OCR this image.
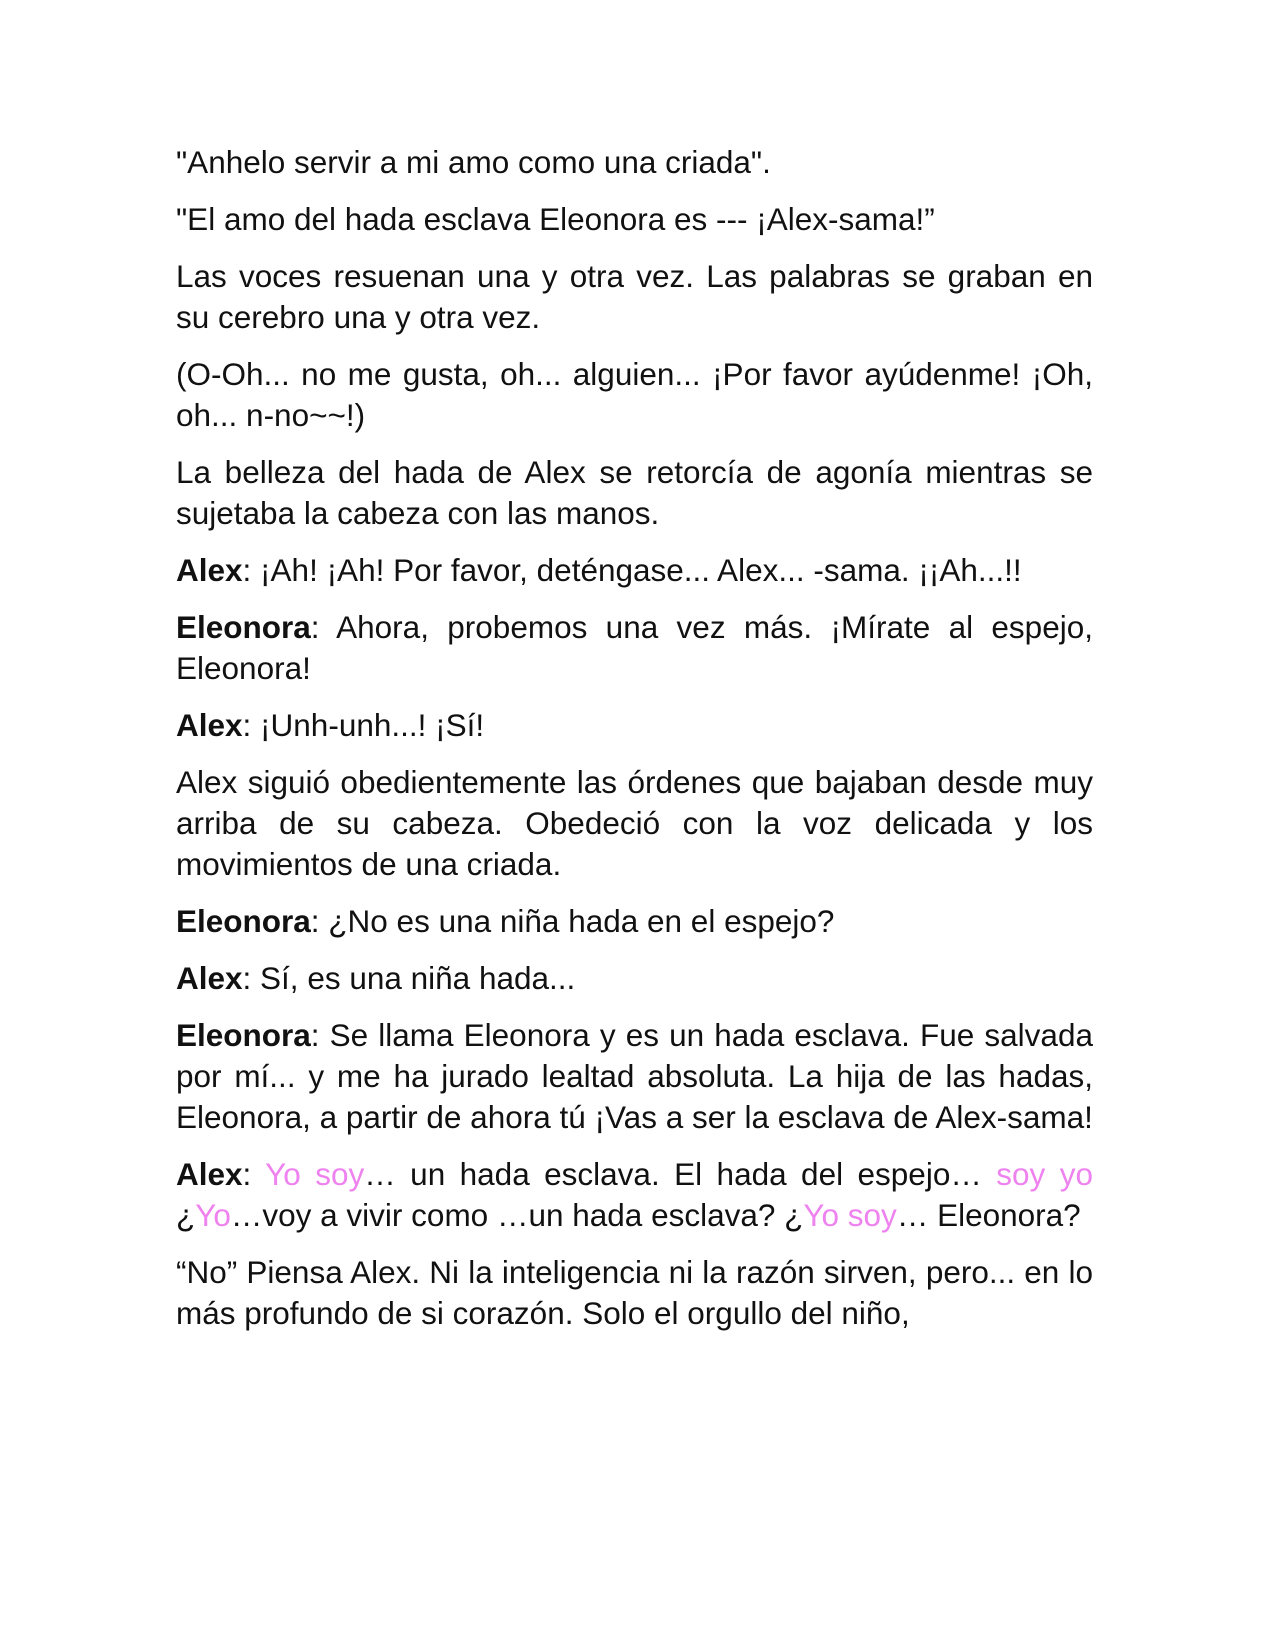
"Anhelo servir a mi amo como una criada".

"El amo del hada esclava Eleonora es --- ¡Alex-sama!”

Las voces resuenan una y otra vez. Las palabras se graban en su cerebro una y otra vez.

(O-Oh... no me gusta, oh... alguien... ¡Por favor ayúdenme! ¡Oh, oh... n-no~~!)

La belleza del hada de Alex se retorcía de agonía mientras se sujetaba la cabeza con las manos.

Alex: ¡Ah! ¡Ah! Por favor, deténgase... Alex... -sama. ¡¡Ah...!!

Eleonora: Ahora, probemos una vez más. ¡Mírate al espejo, Eleonora!

Alex: ¡Unh-unh...! ¡Sí!

Alex siguió obedientemente las órdenes que bajaban desde muy arriba de su cabeza. Obedeció con la voz delicada y los movimientos de una criada.

Eleonora: ¿No es una niña hada en el espejo?

Alex: Sí, es una niña hada...

Eleonora: Se llama Eleonora y es un hada esclava. Fue salvada por mí... y me ha jurado lealtad absoluta. La hija de las hadas, Eleonora, a partir de ahora tú ¡Vas a ser la esclava de Alex-sama!

Alex: Yo soy… un hada esclava. El hada del espejo… soy yo ¿Yo…voy a vivir como …un hada esclava? ¿Yo soy… Eleonora?

“No” Piensa Alex. Ni la inteligencia ni la razón sirven, pero... en lo más profundo de si corazón. Solo el orgullo del niño,
